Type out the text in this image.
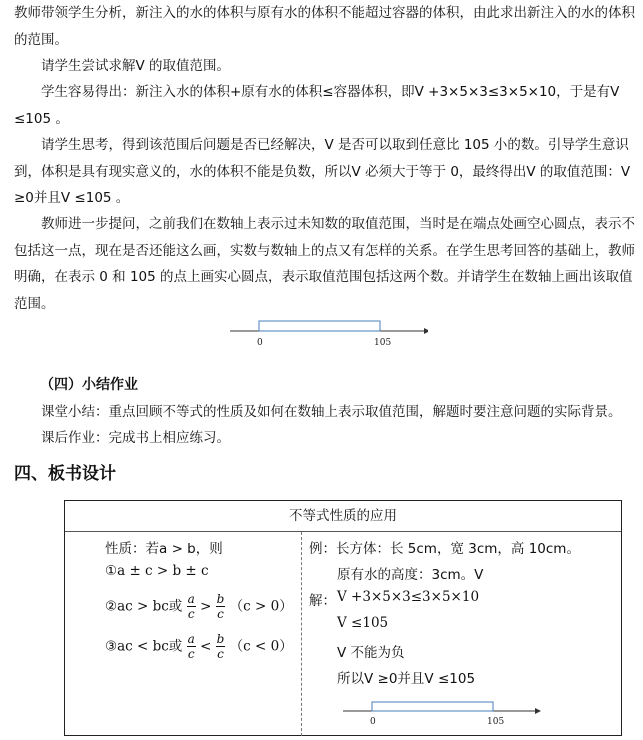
教师带领学生分析，新注入的水的体积与原有水的体积不能超过容器的体积，由此求出新注入的水的体积的范围。

请学生尝试求解V 的取值范围。

学生容易得出：新注入水的体积+原有水的体积≤容器体积，即V +3×5×3≤3×5×10，于是有V ≤105 。

请学生思考，得到该范围后问题是否已经解决，V 是否可以取到任意比 105 小的数。引导学生意识到，体积是具有现实意义的，水的体积不能是负数，所以V 必须大于等于 0，最终得出V 的取值范围：V ≥0并且V ≤105 。

教师进一步提问，之前我们在数轴上表示过未知数的取值范围，当时是在端点处画空心圆点，表示不包括这一点，现在是否还能这么画，实数与数轴上的点又有怎样的关系。在学生思考回答的基础上，教师明确，在表示 0 和 105 的点上画实心圆点，表示取值范围包括这两个数。并请学生在数轴上画出该取值范围。

0	105
（四）小结作业

课堂小结：重点回顾不等式的性质及如何在数轴上表示取值范围，解题时要注意问题的实际背景。

课后作业：完成书上相应练习。

四、板书设计
不等式性质的应用
性质：若a > b，则
①a ± c > b ± c
②ac > bc或 $\frac{a}{c} > \frac{b}{c} (c > 0)$
③ac < bc或 $\frac{a}{c} < \frac{b}{c} (c < 0)$
例：长方体：长 5cm，宽 3cm，高 10cm。
原有水的高度：3cm。V
解： V +3×5×3≤3×5×10
V ≤105
V 不能为负
所以V ≥0并且V ≤105
0	105
